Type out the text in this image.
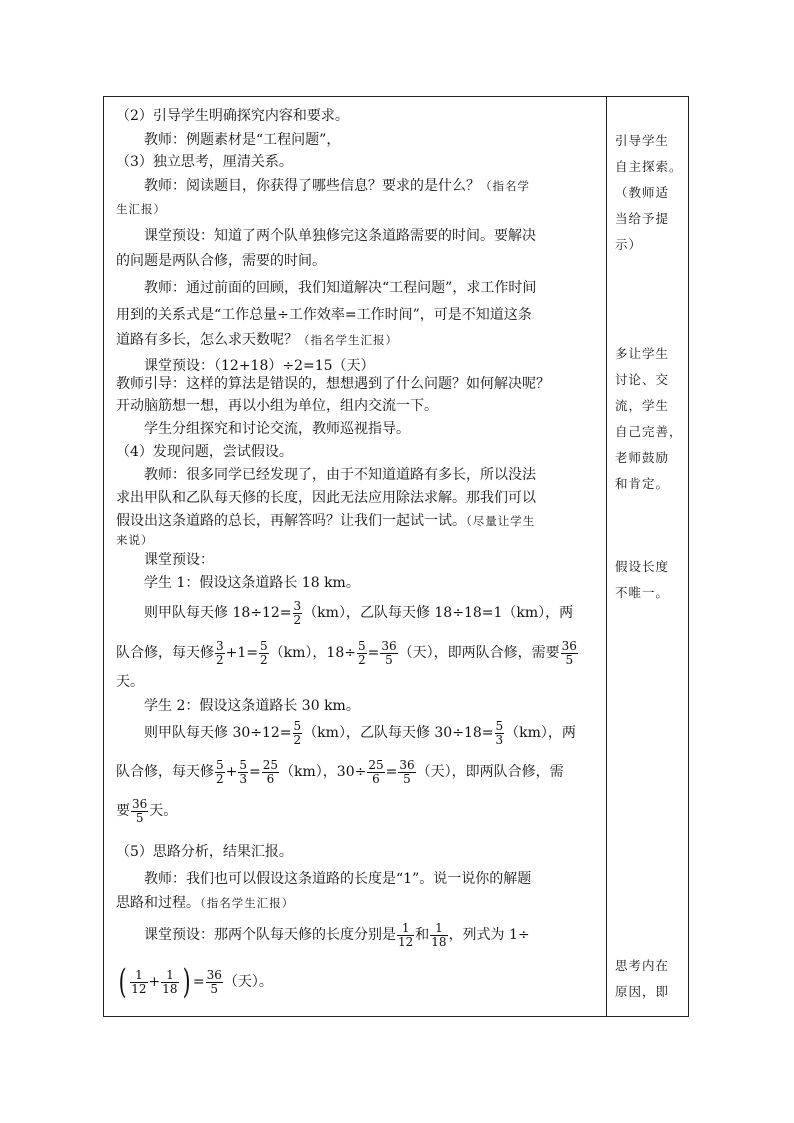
（2）引导学生明确探究内容和要求。
教师：例题素材是“工程问题”，
（3）独立思考，厘清关系。
教师：阅读题目，你获得了哪些信息？要求的是什么？（指名学
生汇报）
课堂预设：知道了两个队单独修完这条道路需要的时间。要解决
的问题是两队合修，需要的时间。
教师：通过前面的回顾，我们知道解决“工程问题”，求工作时间
用到的关系式是“工作总量÷工作效率=工作时间”，可是不知道这条
道路有多长，怎么求天数呢？（指名学生汇报）
课堂预设：（12+18）÷2=15（天）
教师引导：这样的算法是错误的，想想遇到了什么问题？如何解决呢？
开动脑筋想一想，再以小组为单位，组内交流一下。
学生分组探究和讨论交流，教师巡视指导。
（4）发现问题，尝试假设。
教师：很多同学已经发现了，由于不知道道路有多长，所以没法
求出甲队和乙队每天修的长度，因此无法应用除法求解。那我们可以
假设出这条道路的总长，再解答吗？让我们一起试一试。（尽量让学生
来说）
课堂预设：
学生 1：假设这条道路长 18 km。
则甲队每天修 $18\div 12= \frac{3}{2} (km)$，乙队每天修 18÷18=1（km），两
队合修，每天修 $\frac{3}{2} +1= \frac{5}{2} (km)$，$18\div \frac{5}{2} = \frac{36}{5}$ （天），即两队合修，需要 $\frac{36}{5}$
天。
学生 2：假设这条道路长 30 km。
则甲队每天修 $30\div 12= \frac{5}{2} (km)$，乙队每天修 $30\div 18= \frac{5}{3} (km)$，两
队合修，每天修 $\frac{5}{2} + \frac{5}{3} = \frac{25}{6} (km)$，$30\div \frac{25}{6} = \frac{36}{5}$ （天），即两队合修，需
要 $\frac{36}{5}$ 天。
（5）思路分析，结果汇报。
教师：我们也可以假设这条道路的长度是“1”。说一说你的解题
思路和过程。（指名学生汇报）
课堂预设：那两个队每天修的长度分别是 $\frac{1}{12}$ 和 $\frac{1}{18}$ ，列式为 1÷
( $\frac{1}{12} + \frac{1}{18}$ ) = $\frac{36}{5}$ （天）。
引导学生
自主探索。
（教师适
当给予提
示）
多让学生
讨论、交
流，学生
自己完善，
老师鼓励
和肯定。
假设长度
不唯一。
思考内在
原因，即
